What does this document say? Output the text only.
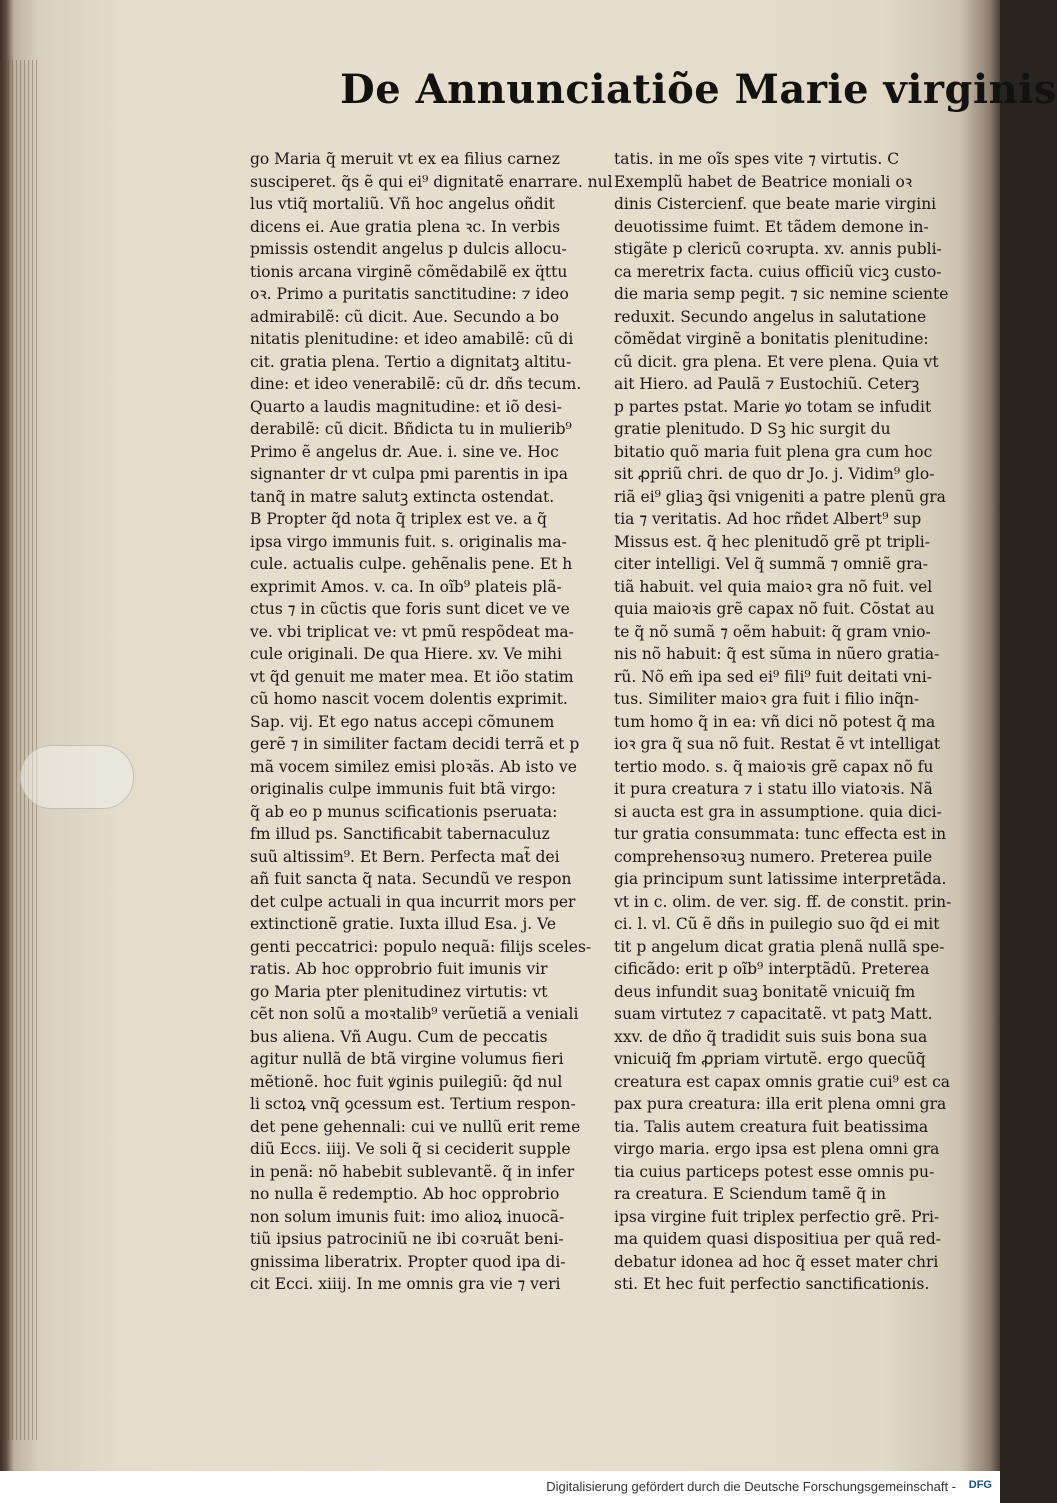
De Annunciatiõe Marie virginis
go Maria q̃ meruit vt ex ea filius carnez
susciperet. q̃s ẽ qui ei⁹ dignitatẽ enarrare. nul
lus vtiq̃ mortaliũ. Vñ hoc angelus oñdit
dicens ei. Aue gratia plena ꝛc. In verbis
pmissis ostendit angelus p dulcis allocu-
tionis arcana virginẽ cõmẽdabilẽ ex q̈ttu
oꝛ. Primo a puritatis sanctitudine: ⁊ ideo
admirabilẽ: cũ dicit. Aue. Secundo a bo
nitatis plenitudine: et ideo amabilẽ: cũ di
cit. gratia plena. Tertio a dignitatꝫ altitu-
dine: et ideo venerabilẽ: cũ dr. dñs tecum.
Quarto a laudis magnitudine: et iõ desi-
derabilẽ: cũ dicit. Bñdicta tu in mulierib⁹
Primo ẽ angelus dr. Aue. i. sine ve. Hoc
signanter dr vt culpa pmi parentis in ipa
tanq̃ in matre salutꝫ extincta ostendat.
B Propter q̃d nota q̃ triplex est ve. a q̃
ipsa virgo immunis fuit. s. originalis ma-
cule. actualis culpe. gehẽnalis pene. Et h
exprimit Amos. v. ca. In oĩb⁹ plateis plã-
ctus ⁊ in cũctis que foris sunt dicet ve ve
ve. vbi triplicat ve: vt pmũ respõdeat ma-
cule originali. De qua Hiere. xv. Ve mihi
vt q̃d genuit me mater mea. Et iõo statim
cũ homo nascit vocem dolentis exprimit.
Sap. vij. Et ego natus accepi cõmunem
gerẽ ⁊ in similiter factam decidi terrã et p
mã vocem similez emisi ploꝛãs. Ab isto ve
originalis culpe immunis fuit btã virgo:
q̃ ab eo p munus scificationis pseruata:
fm illud ps. Sanctificabit tabernaculuz
suũ altissim⁹. Et Bern. Perfecta mat̃ dei
añ fuit sancta q̃ nata. Secundũ ve respon
det culpe actuali in qua incurrit mors per
extinctionẽ gratie. Iuxta illud Esa. j. Ve
genti peccatrici: populo nequã: filijs sceles-
ratis. Ab hoc opprobrio fuit imunis vir
go Maria pter plenitudinez virtutis: vt
cẽt non solũ a moꝛtalib⁹ verũetiã a veniali
bus aliena. Vñ Augu. Cum de peccatis
agitur nullã de btã virgine volumus fieri
mẽtionẽ. hoc fuit ꝟginis puilegiũ: q̃d nul
li sctoꝝ vnq̃ ꝯcessum est. Tertium respon-
det pene gehennali: cui ve nullũ erit reme
diũ Eccs. iiij. Ve soli q̃ si ceciderit supple
in penã: nõ habebit sublevantẽ. q̃ in infer
no nulla ẽ redemptio. Ab hoc opprobrio
non solum imunis fuit: imo alioꝝ inuocã-
tiũ ipsius patrociniũ ne ibi coꝛruãt beni-
gnissima liberatrix. Propter quod ipa di-
cit Ecci. xiiij. In me omnis gra vie ⁊ veri
tatis. in me oĩs spes vite ⁊ virtutis. C
Exemplũ habet de Beatrice moniali oꝛ
dinis Cistercienf. que beate marie virgini
deuotissime fuimt. Et tãdem demone in-
stigãte p clericũ coꝛrupta. xv. annis publi-
ca meretrix facta. cuius officiũ vicꝫ custo-
die maria semp pegit. ⁊ sic nemine sciente
reduxit. Secundo angelus in salutatione
cõmẽdat virginẽ a bonitatis plenitudine:
cũ dicit. gra plena. Et vere plena. Quia vt
ait Hiero. ad Paulã ⁊ Eustochiũ. Ceterꝫ
p partes pstat. Marie ꝟo totam se infudit
gratie plenitudo. D Sꝫ hic surgit du
bitatio quõ maria fuit plena gra cum hoc
sit ꝓpriũ chri. de quo dr Jo. j. Vidim⁹ glo-
riã ei⁹ gliaꝫ q̃si vnigeniti a patre plenũ gra
tia ⁊ veritatis. Ad hoc rñdet Albert⁹ sup
Missus est. q̃ hec plenitudõ grẽ pt tripli-
citer intelligi. Vel q̃ summã ⁊ omniẽ gra-
tiã habuit. vel quia maioꝛ gra nõ fuit. vel
quia maioꝛis grẽ capax nõ fuit. Cõstat au
te q̃ nõ sumã ⁊ oẽm habuit: q̃ gram vnio-
nis nõ habuit: q̃ est sũma in nũero gratia-
rũ. Nõ em̃ ipa sed ei⁹ fili⁹ fuit deitati vni-
tus. Similiter maioꝛ gra fuit i filio inq̃n-
tum homo q̃ in ea: vñ dici nõ potest q̃ ma
ioꝛ gra q̃ sua nõ fuit. Restat ẽ vt intelligat
tertio modo. s. q̃ maioꝛis grẽ capax nõ fu
it pura creatura ⁊ i statu illo viatoꝛis. Nã
si aucta est gra in assumptione. quia dici-
tur gratia consummata: tunc effecta est in
comprehensoꝛuꝫ numero. Preterea puile
gia principum sunt latissime interpretãda.
vt in c. olim. de ver. sig. ff. de constit. prin-
ci. l. vl. Cũ ẽ dñs in puilegio suo q̃d ei mit
tit p angelum dicat gratia plenã nullã spe-
cificãdo: erit p oĩb⁹ interptãdũ. Preterea
deus infundit suaꝫ bonitatẽ vnicuiq̃ fm
suam virtutez ⁊ capacitatẽ. vt patꝫ Matt.
xxv. de dño q̃ tradidit suis suis bona sua
vnicuiq̃ fm ꝓpriam virtutẽ. ergo quecũq̃
creatura est capax omnis gratie cui⁹ est ca
pax pura creatura: illa erit plena omni gra
tia. Talis autem creatura fuit beatissima
virgo maria. ergo ipsa est plena omni gra
tia cuius particeps potest esse omnis pu-
ra creatura. E Sciendum tamẽ q̃ in
ipsa virgine fuit triplex perfectio grẽ. Pri-
ma quidem quasi dispositiua per quã red-
debatur idonea ad hoc q̃ esset mater chri
sti. Et hec fuit perfectio sanctificationis.
Digitalisierung gefördert durch die Deutsche Forschungsgemeinschaft - DFG
